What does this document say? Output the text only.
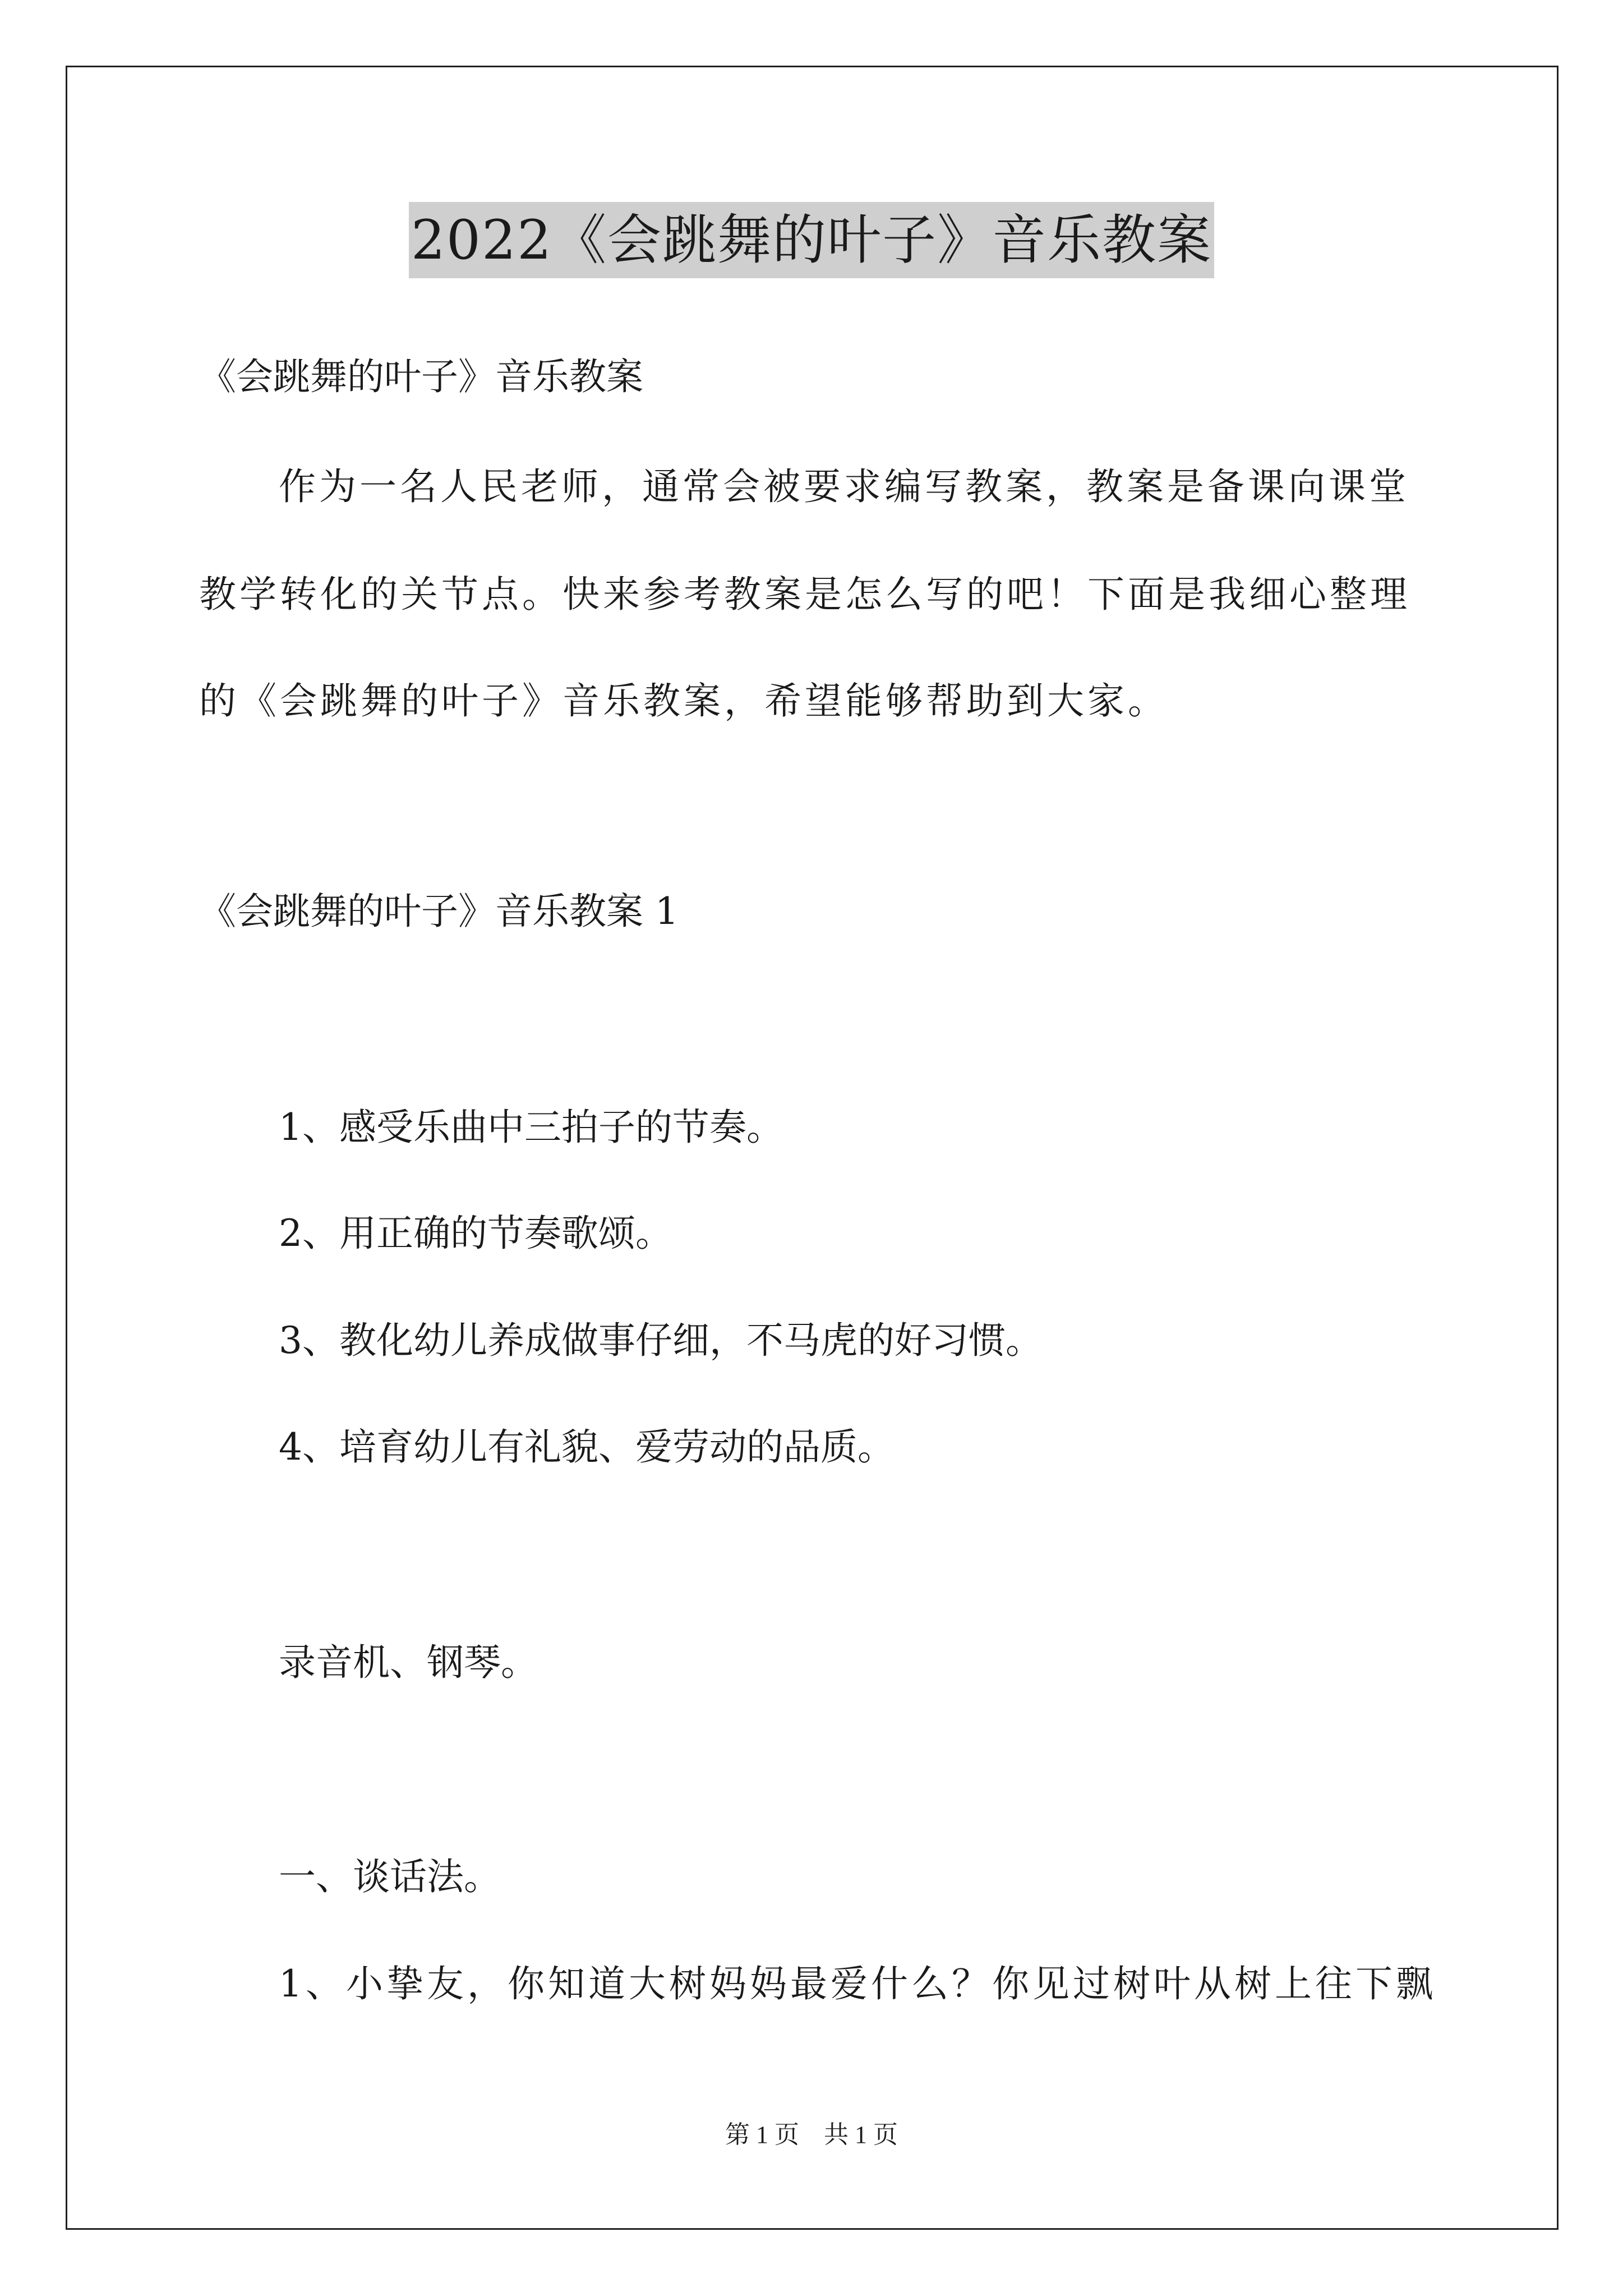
2022《会跳舞的叶子》音乐教案
《会跳舞的叶子》音乐教案
作为一名人民老师，通常会被要求编写教案，教案是备课向课堂
教学转化的关节点。快来参考教案是怎么写的吧！下面是我细心整理
的《会跳舞的叶子》音乐教案，希望能够帮助到大家。
《会跳舞的叶子》音乐教案 1
1、感受乐曲中三拍子的节奏。
2、用正确的节奏歌颂。
3、教化幼儿养成做事仔细，不马虎的好习惯。
4、培育幼儿有礼貌、爱劳动的品质。
录音机、钢琴。
一、谈话法。
1、小挚友，你知道大树妈妈最爱什么？你见过树叶从树上往下飘
第 1 页　共 1 页
